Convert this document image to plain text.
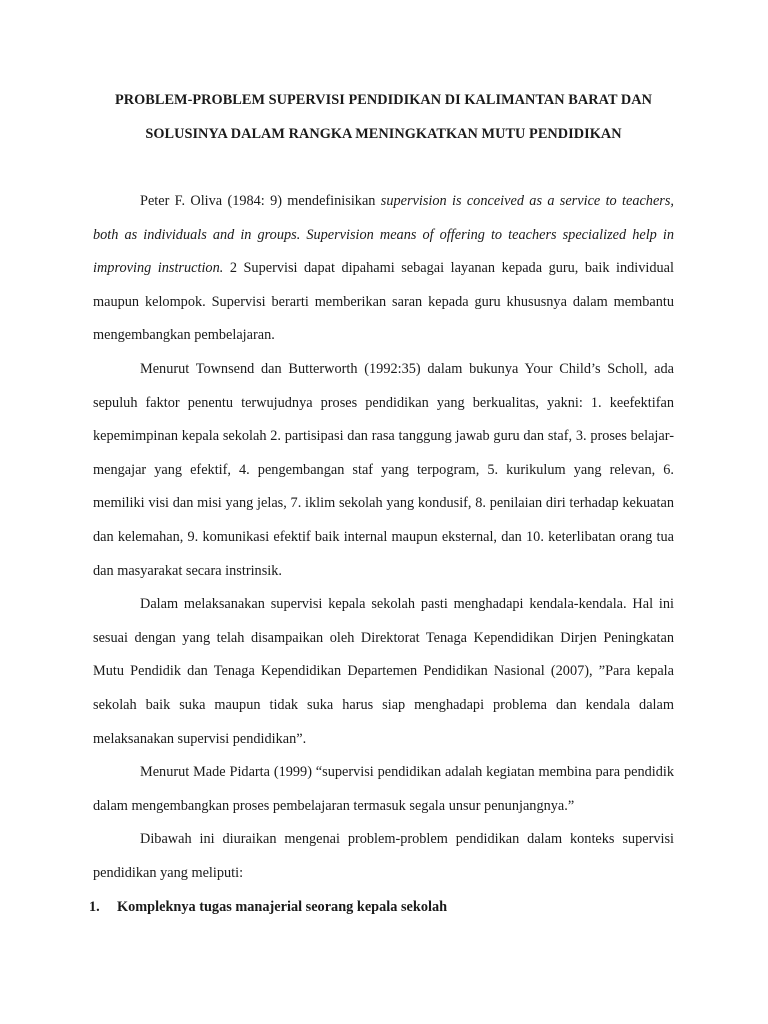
PROBLEM-PROBLEM SUPERVISI PENDIDIKAN DI KALIMANTAN BARAT DAN
SOLUSINYA DALAM RANGKA MENINGKATKAN MUTU PENDIDIKAN

Peter F. Oliva (1984: 9) mendefinisikan supervision is conceived as a service to teachers, both as individuals and in groups. Supervision means of offering to teachers specialized help in improving instruction. 2 Supervisi dapat dipahami sebagai layanan kepada guru, baik individual maupun kelompok. Supervisi berarti memberikan saran kepada guru khususnya dalam membantu mengembangkan pembelajaran.

Menurut Townsend dan Butterworth (1992:35) dalam bukunya Your Child’s Scholl, ada sepuluh faktor penentu terwujudnya proses pendidikan yang berkualitas, yakni: 1. keefektifan kepemimpinan kepala sekolah 2. partisipasi dan rasa tanggung jawab guru dan staf, 3. proses belajar-mengajar yang efektif, 4. pengembangan staf yang terpogram, 5. kurikulum yang relevan, 6. memiliki visi dan misi yang jelas, 7. iklim sekolah yang kondusif, 8. penilaian diri terhadap kekuatan dan kelemahan, 9. komunikasi efektif baik internal maupun eksternal, dan 10. keterlibatan orang tua dan masyarakat secara instrinsik.

Dalam melaksanakan supervisi kepala sekolah pasti menghadapi kendala-kendala. Hal ini sesuai dengan yang telah disampaikan oleh Direktorat Tenaga Kependidikan Dirjen Peningkatan Mutu Pendidik dan Tenaga Kependidikan Departemen Pendidikan Nasional (2007), ”Para kepala sekolah baik suka maupun tidak suka harus siap menghadapi problema dan kendala dalam melaksanakan supervisi pendidikan”.

Menurut Made Pidarta (1999) “supervisi pendidikan adalah kegiatan membina para pendidik dalam mengembangkan proses pembelajaran termasuk segala unsur penunjangnya.”

Dibawah ini diuraikan mengenai problem-problem pendidikan dalam konteks supervisi pendidikan yang meliputi:

1. Kompleknya tugas manajerial seorang kepala sekolah
